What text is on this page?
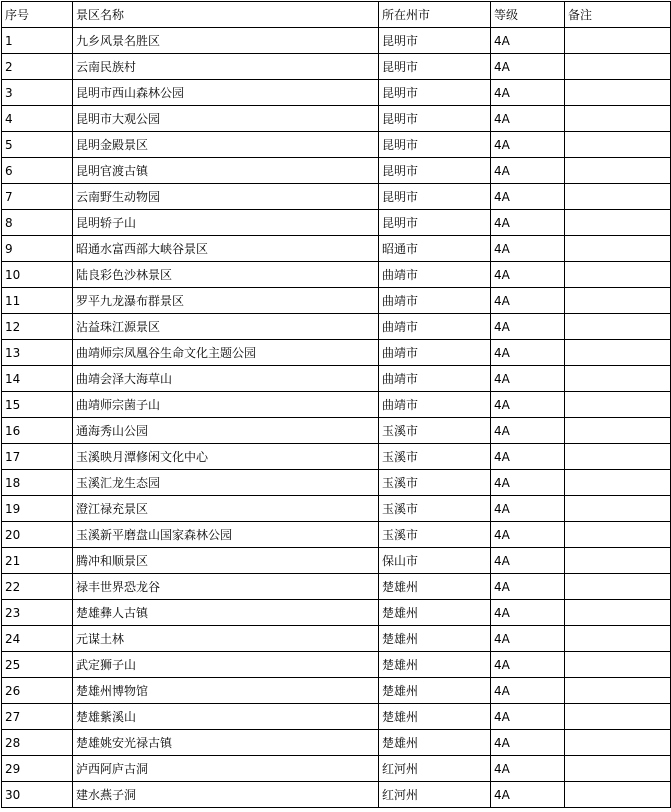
序号	景区名称	所在州市	等级	备注
1	九乡风景名胜区	昆明市	4A	
2	云南民族村	昆明市	4A	
3	昆明市西山森林公园	昆明市	4A	
4	昆明市大观公园	昆明市	4A	
5	昆明金殿景区	昆明市	4A	
6	昆明官渡古镇	昆明市	4A	
7	云南野生动物园	昆明市	4A	
8	昆明轿子山	昆明市	4A	
9	昭通水富西部大峡谷景区	昭通市	4A	
10	陆良彩色沙林景区	曲靖市	4A	
11	罗平九龙瀑布群景区	曲靖市	4A	
12	沾益珠江源景区	曲靖市	4A	
13	曲靖师宗凤凰谷生命文化主题公园	曲靖市	4A	
14	曲靖会泽大海草山	曲靖市	4A	
15	曲靖师宗菌子山	曲靖市	4A	
16	通海秀山公园	玉溪市	4A	
17	玉溪映月潭修闲文化中心	玉溪市	4A	
18	玉溪汇龙生态园	玉溪市	4A	
19	澄江禄充景区	玉溪市	4A	
20	玉溪新平磨盘山国家森林公园	玉溪市	4A	
21	腾冲和顺景区	保山市	4A	
22	禄丰世界恐龙谷	楚雄州	4A	
23	楚雄彝人古镇	楚雄州	4A	
24	元谋土林	楚雄州	4A	
25	武定狮子山	楚雄州	4A	
26	楚雄州博物馆	楚雄州	4A	
27	楚雄紫溪山	楚雄州	4A	
28	楚雄姚安光禄古镇	楚雄州	4A	
29	泸西阿庐古洞	红河州	4A	
30	建水燕子洞	红河州	4A	
